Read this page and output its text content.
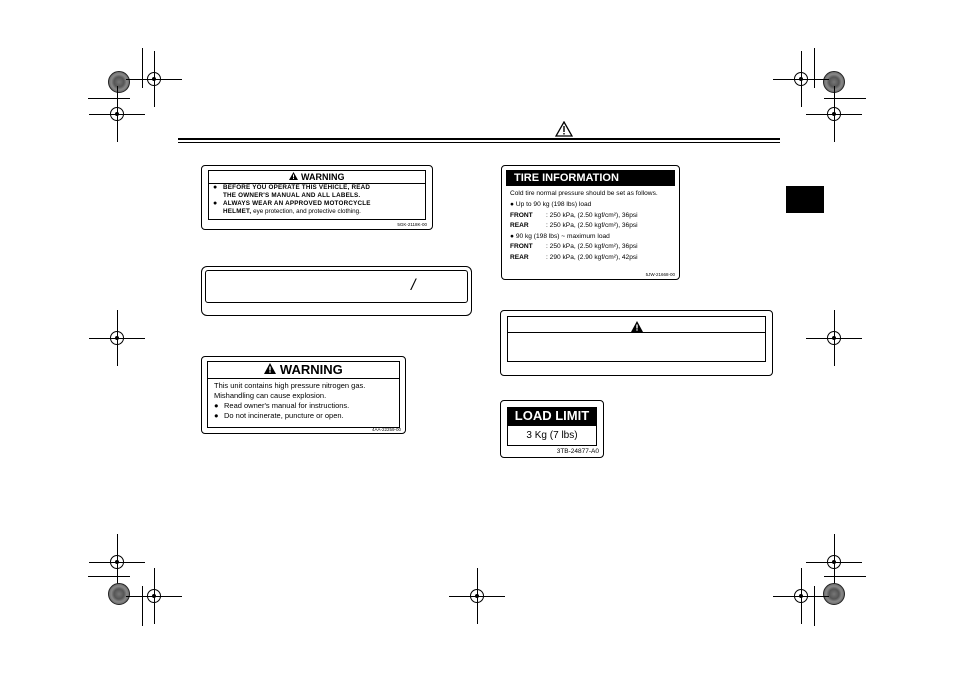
WARNING
● BEFORE YOU OPERATE THIS VEHICLE, READ
THE OWNER'S MANUAL AND ALL LABELS.
● ALWAYS WEAR AN APPROVED MOTORCYCLE
HELMET, eye protection, and protective clothing.
5GK-2118K-00
/
WARNING
This unit contains high pressure nitrogen gas.
Mishandling can cause explosion.
● Read owner's manual for instructions.
● Do not incinerate, puncture or open.
4AA-22259-00
TIRE INFORMATION
Cold tire normal pressure should be set as follows.
● Up to 90 kg (198 lbs) load
FRONT	: 250 kPa, (2.50 kgf/cm²), 36psi
REAR	: 250 kPa, (2.50 kgf/cm²), 36psi
● 90 kg (198 lbs) ~ maximum load
FRONT	: 250 kPa, (2.50 kgf/cm²), 36psi
REAR	: 290 kPa, (2.90 kgf/cm²), 42psi
5JW-21668-00
LOAD LIMIT
3 Kg (7 lbs)
3TB-24877-A0
